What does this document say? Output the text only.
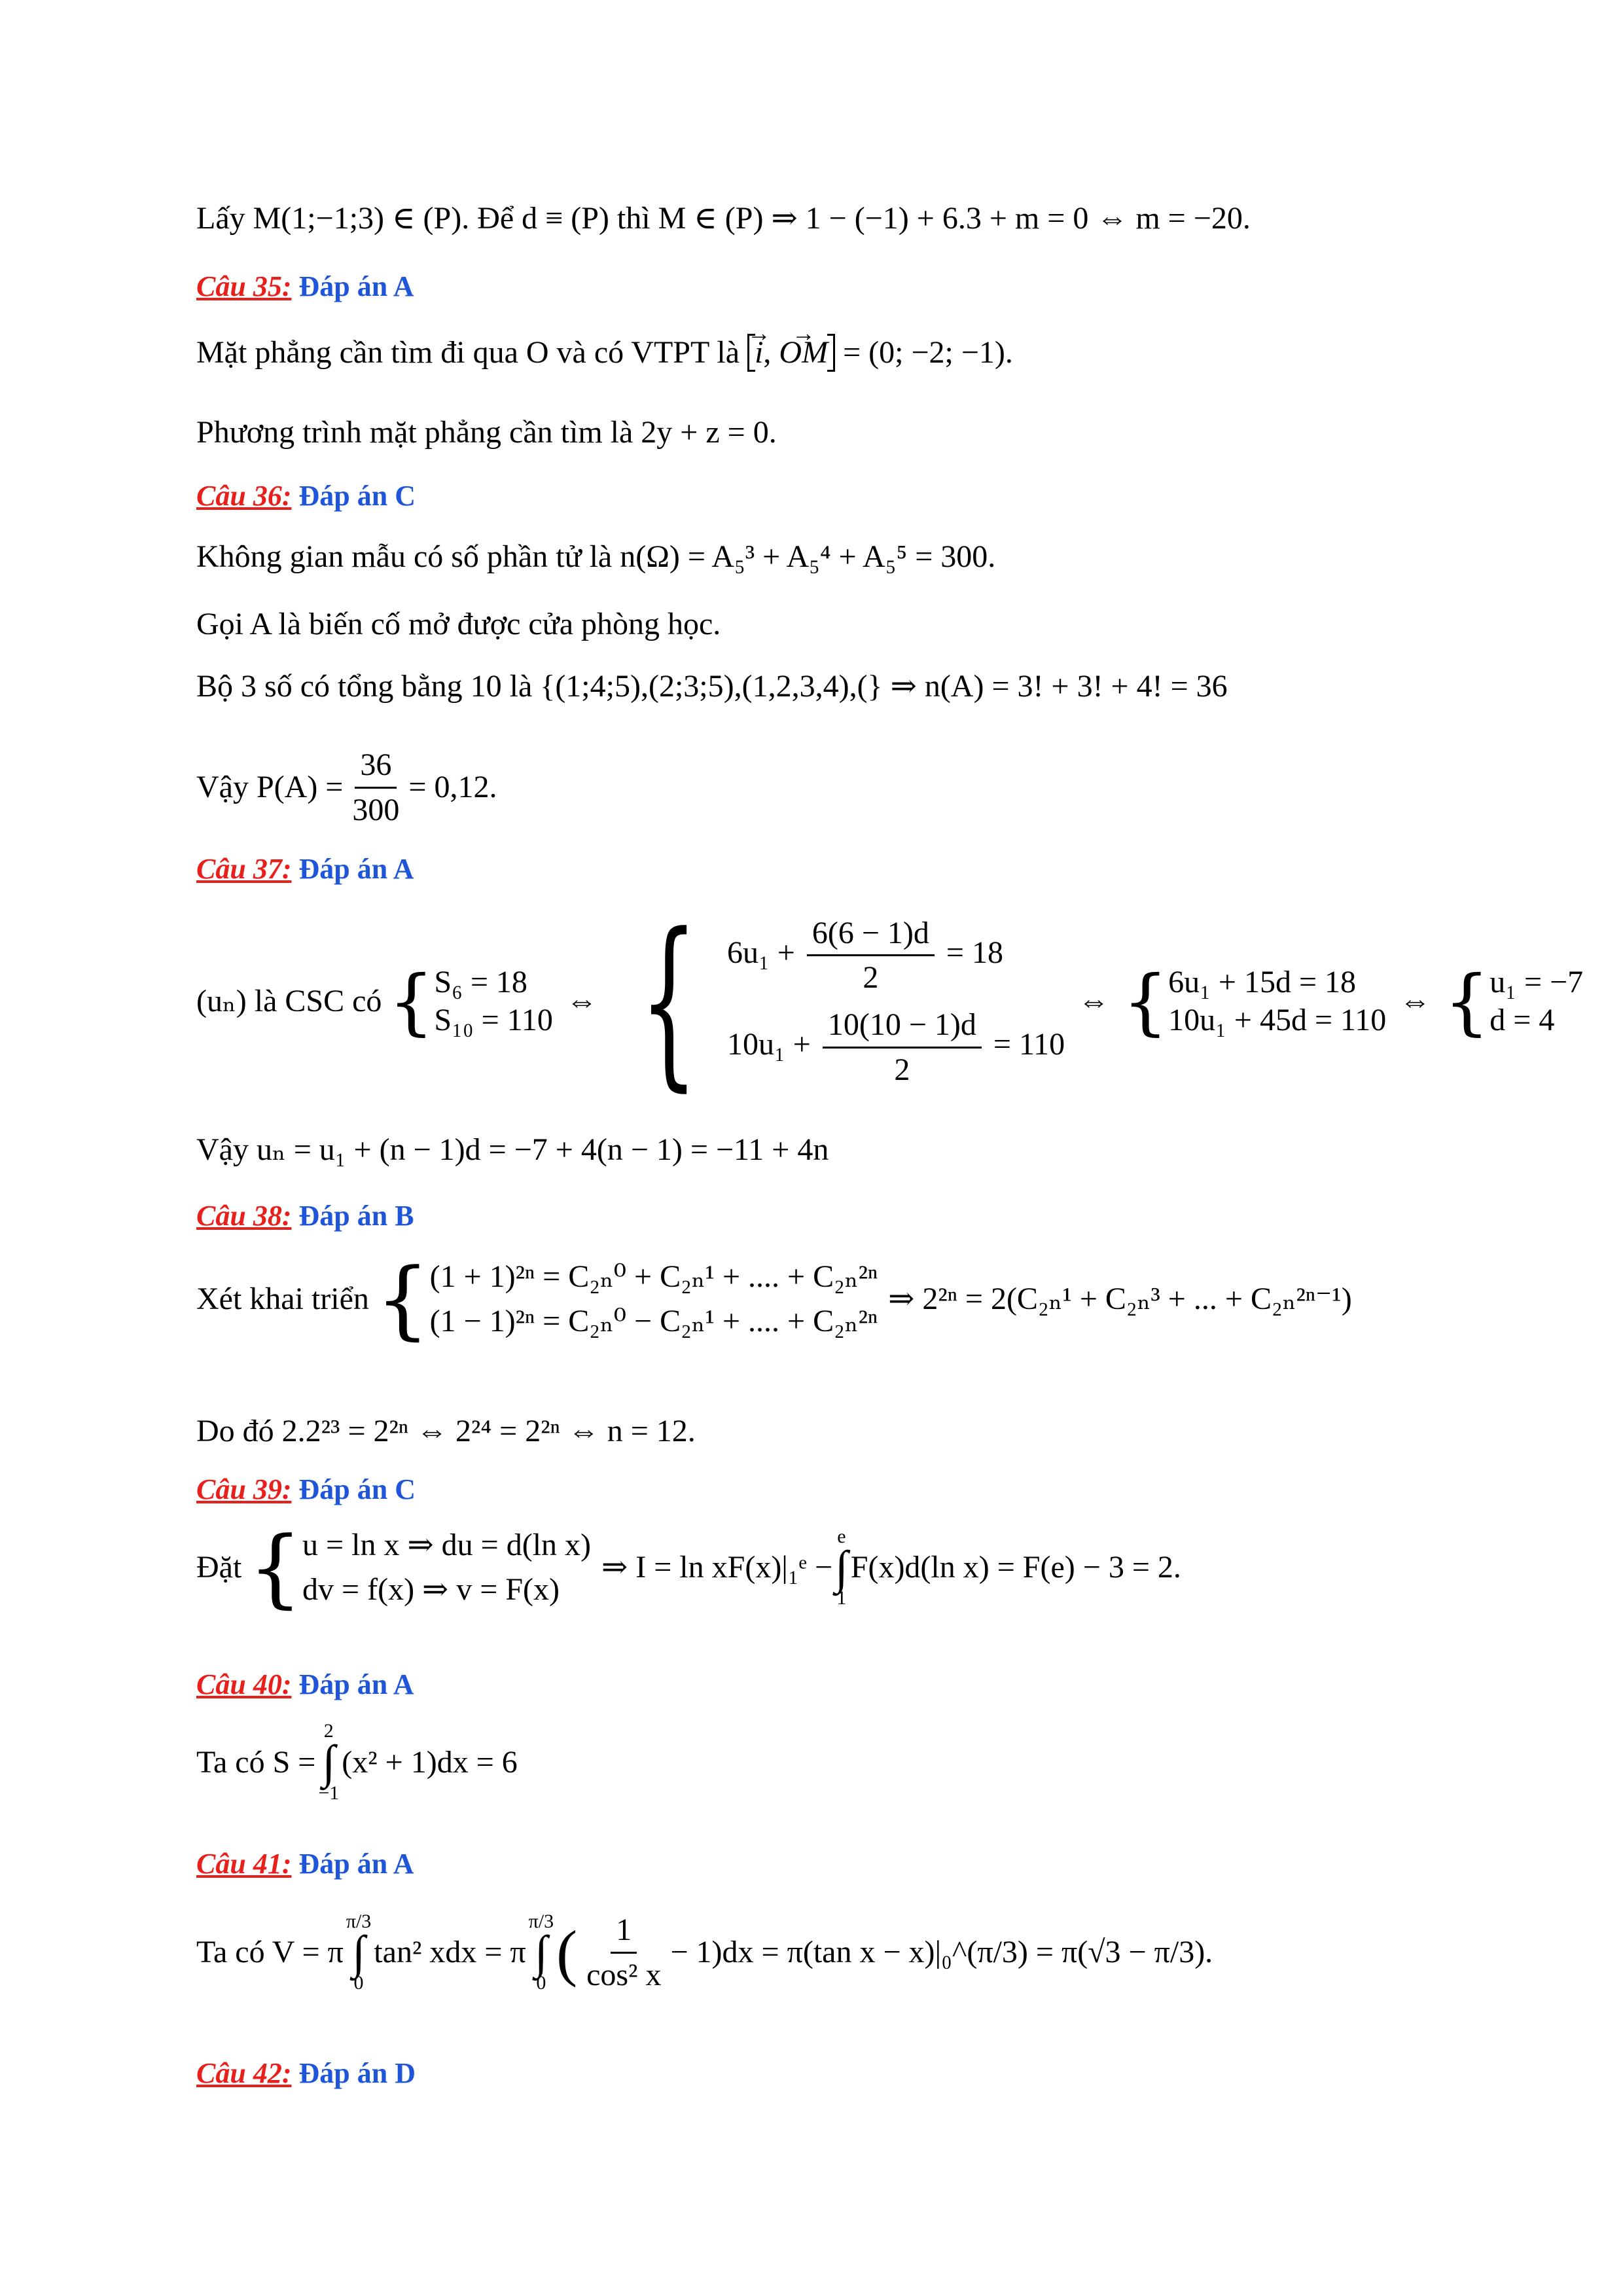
Lấy M(1;−1;3) ∈ (P). Để d ≡ (P) thì M ∈ (P) ⇒ 1 − (−1) + 6.3 + m = 0 ⇔ m = −20.
Câu 35: Đáp án A
Mặt phẳng cần tìm đi qua O và có VTPT là → i, → OM = (0; −2; −1).
Phương trình mặt phẳng cần tìm là 2y + z = 0.
Câu 36: Đáp án C
Không gian mẫu có số phần tử là n(Ω) = A₅³ + A₅⁴ + A₅⁵ = 300.
Gọi A là biến cố mở được cửa phòng học.
Bộ 3 số có tổng bằng 10 là {(1;4;5),(2;3;5),(1,2,3,4),(} ⇒ n(A) = 3! + 3! + 4! = 36
Vậy $P(A) = \frac{36}{300} = 0,12$.
Câu 37: Đáp án A
(uₙ) là CSC có { S₆ = 18
S₁₀ = 110
⇔ { $6u_1 + \frac{6(6 - 1)d}{2} = 18$
$10u_1 + \frac{10(10 - 1)d}{2} = 110$
⇔ { 6u₁ + 15d = 18
10u₁ + 45d = 110
⇔ { u₁ = −7
d = 4
Vậy uₙ = u₁ + (n − 1)d = −7 + 4(n − 1) = −11 + 4n
Câu 38: Đáp án B
Xét khai triển { (1 + 1)²ⁿ = C₂ₙ⁰ + C₂ₙ¹ + .... + C₂ₙ²ⁿ
(1 − 1)²ⁿ = C₂ₙ⁰ − C₂ₙ¹ + .... + C₂ₙ²ⁿ
⇒ 2²ⁿ = 2(C₂ₙ¹ + C₂ₙ³ + ... + C₂ₙ²ⁿ⁻¹)
Do đó 2.2²³ = 2²ⁿ ⇔ 2²⁴ = 2²ⁿ ⇔ n = 12.
Câu 39: Đáp án C
Đặt { u = ln x ⇒ du = d(ln x)
dv = f(x) ⇒ v = F(x)
⇒ I = ln xF(x)|₁ᵉ −
e
∫
1
F(x)d(ln x) = F(e) − 3 = 2.
Câu 40: Đáp án A
Ta có S =
2
∫
−1
(x² + 1)dx = 6
Câu 41: Đáp án A
Ta có V = π
π/3
∫
0
tan² xdx = π
π/3
∫
0 ( $\frac{1}{\text{cos² x}} - 1)dx = \pi(\tan$ x − x)|₀^(π/3) = π(√3 − π/3).
Câu 42: Đáp án D
